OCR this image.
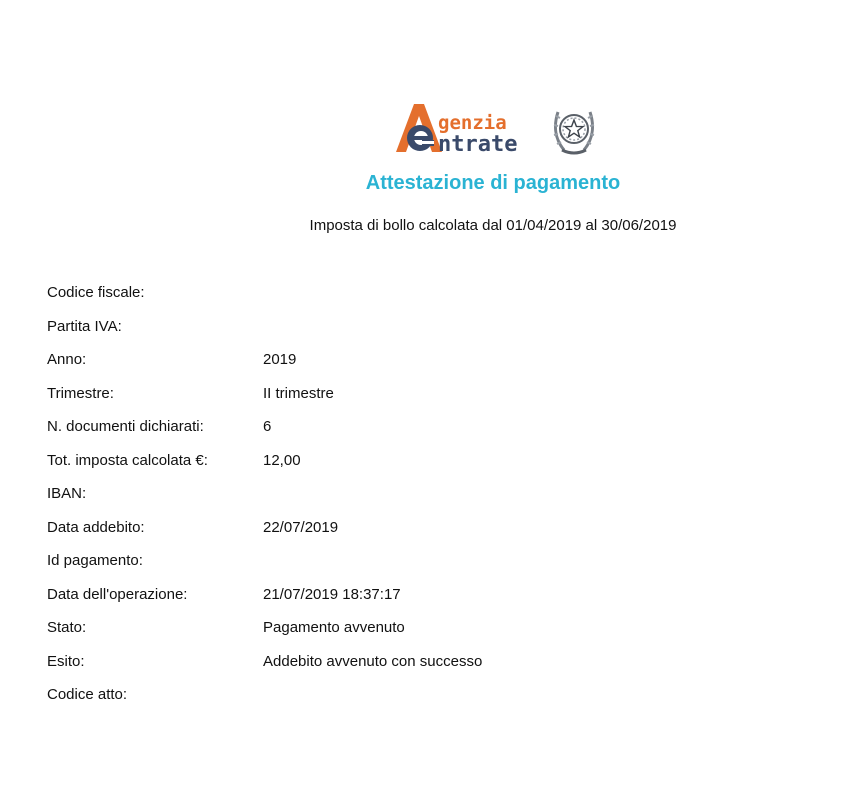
genzia
ntrate
Attestazione di pagamento

Imposta di bollo calcolata dal 01/04/2019 al 30/06/2019

Codice fiscale:
Partita IVA:
Anno:	2019
Trimestre:	II trimestre
N. documenti dichiarati:	6
Tot. imposta calcolata €:	12,00
IBAN:
Data addebito:	22/07/2019
Id pagamento:
Data dell'operazione:	21/07/2019 18:37:17
Stato:	Pagamento avvenuto
Esito:	Addebito avvenuto con successo
Codice atto:
